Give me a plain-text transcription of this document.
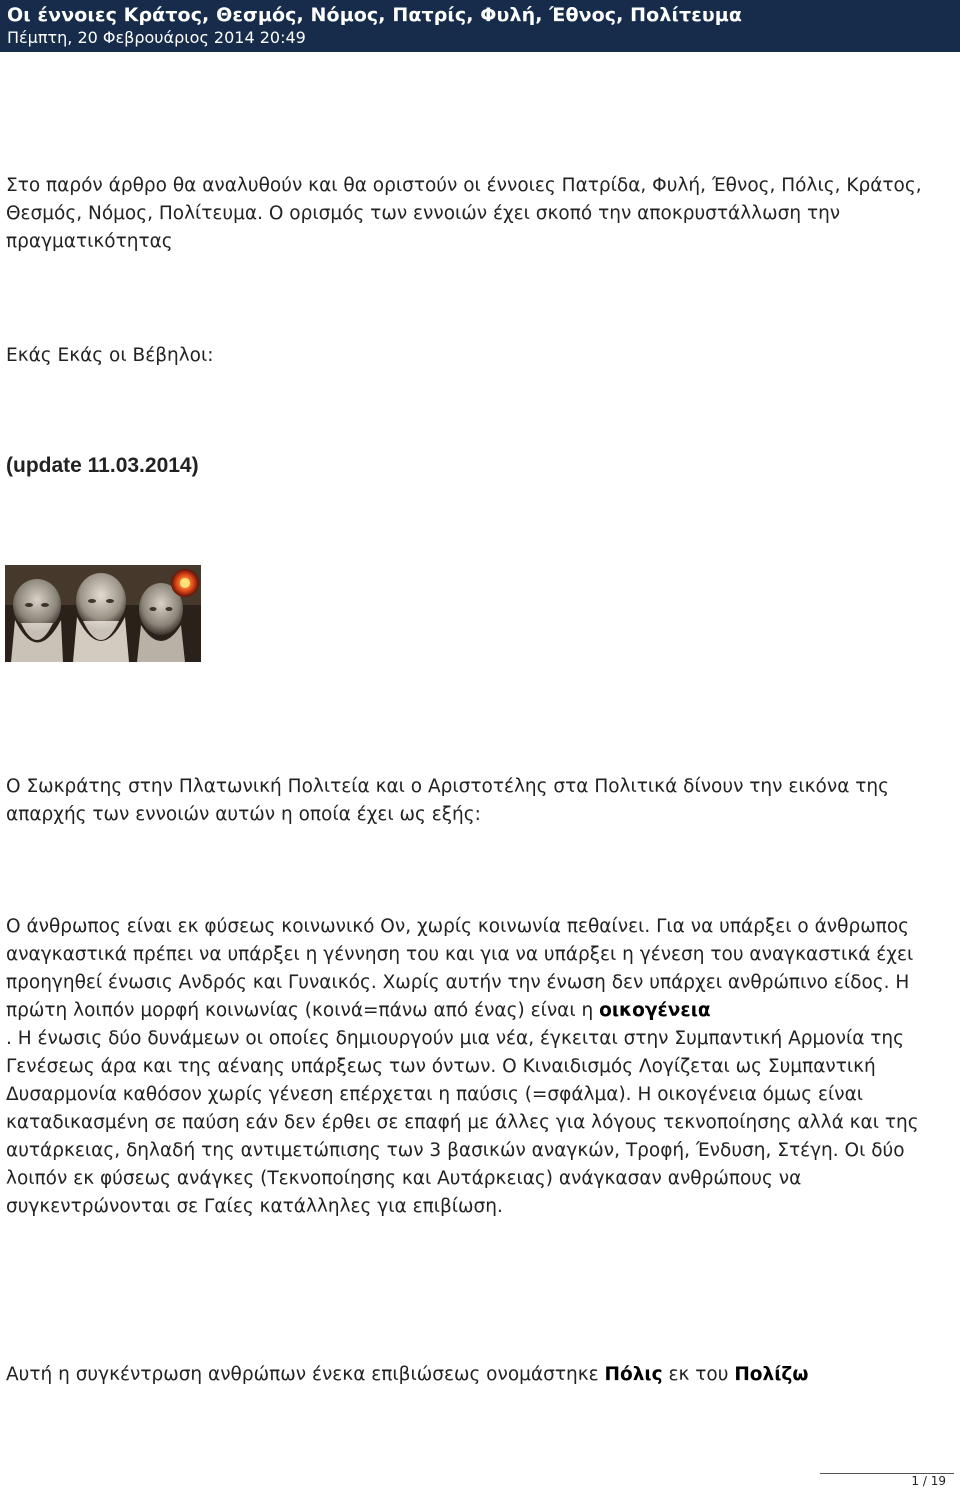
Οι έννοιες Κράτος, Θεσμός, Νόμος, Πατρίς, Φυλή, Έθνος, Πολίτευμα
Πέμπτη, 20 Φεβρουάριος 2014 20:49
Στο παρόν άρθρο θα αναλυθούν και θα οριστούν οι έννοιες Πατρίδα, Φυλή, Έθνος, Πόλις, Κράτος, Θεσμός, Νόμος, Πολίτευμα. Ο ορισμός των εννοιών έχει σκοπό την αποκρυστάλλωση την πραγματικότητας
Εκάς Εκάς οι Βέβηλοι:
(update 11.03.2014)
Ο Σωκράτης στην Πλατωνική Πολιτεία και ο Αριστοτέλης στα Πολιτικά δίνουν την εικόνα της απαρχής των εννοιών αυτών η οποία έχει ως εξής:
Ο άνθρωπος είναι εκ φύσεως κοινωνικό Ον, χωρίς κοινωνία πεθαίνει. Για να υπάρξει ο άνθρωπος αναγκαστικά πρέπει να υπάρξει η γέννηση του και για να υπάρξει η γένεση του αναγκαστικά έχει προηγηθεί ένωσις Ανδρός και Γυναικός. Χωρίς αυτήν την ένωση δεν υπάρχει ανθρώπινο είδος. Η πρώτη λοιπόν μορφή κοινωνίας (κοινά=πάνω από ένας) είναι η οικογένεια
. Η ένωσις δύο δυνάμεων οι οποίες δημιουργούν μια νέα, έγκειται στην Συμπαντική Αρμονία της Γενέσεως άρα και της αέναης υπάρξεως των όντων. Ο Κιναιδισμός Λογίζεται ως Συμπαντική Δυσαρμονία καθόσον χωρίς γένεση επέρχεται η παύσις (=σφάλμα). Η οικογένεια όμως είναι καταδικασμένη σε παύση εάν δεν έρθει σε επαφή με άλλες για λόγους τεκνοποίησης αλλά και της αυτάρκειας, δηλαδή της αντιμετώπισης των 3 βασικών αναγκών, Τροφή, Ένδυση, Στέγη. Οι δύο λοιπόν εκ φύσεως ανάγκες (Τεκνοποίησης και Αυτάρκειας) ανάγκασαν ανθρώπους να συγκεντρώνονται σε Γαίες κατάλληλες για επιβίωση.
Αυτή η συγκέντρωση ανθρώπων ένεκα επιβιώσεως ονομάστηκε Πόλις εκ του Πολίζω
1 / 19
